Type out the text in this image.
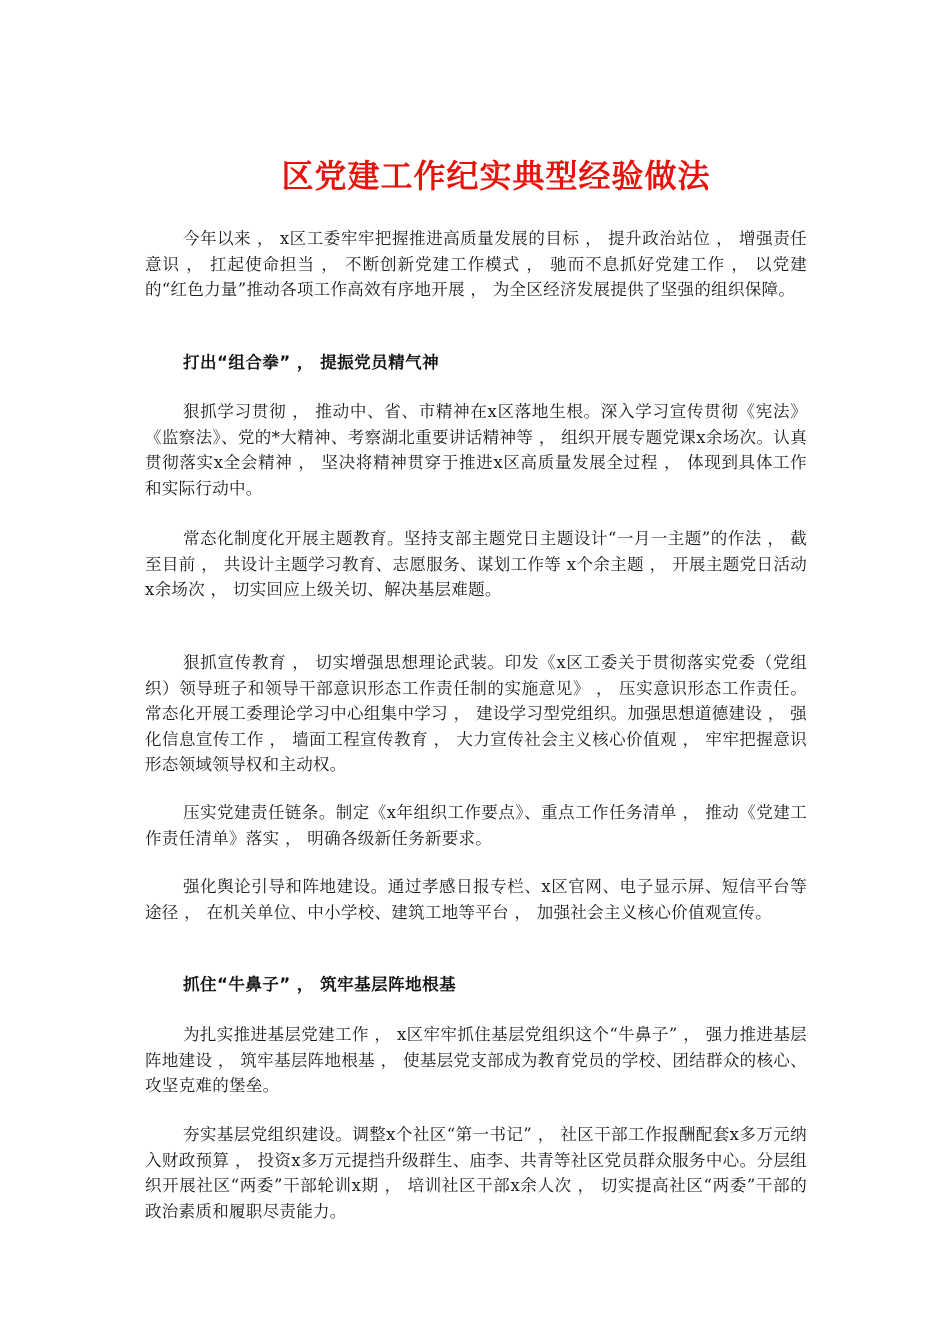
区党建工作纪实典型经验做法

今年以来 ， x区工委牢牢把握推进高质量发展的目标 ， 提升政治站位 ， 增强责任意识 ， 扛起使命担当 ， 不断创新党建工作模式 ， 驰而不息抓好党建工作 ， 以党建的“红色力量”推动各项工作高效有序地开展 ， 为全区经济发展提供了坚强的组织保障。

打出“组合拳” ， 提振党员精气神

狠抓学习贯彻 ， 推动中、省、市精神在x区落地生根。深入学习宣传贯彻《宪法》《监察法》、党的*大精神、考察湖北重要讲话精神等 ， 组织开展专题党课x余场次。认真贯彻落实x全会精神 ， 坚决将精神贯穿于推进x区高质量发展全过程 ， 体现到具体工作和实际行动中。

常态化制度化开展主题教育。坚持支部主题党日主题设计“一月一主题”的作法 ， 截至目前 ， 共设计主题学习教育、志愿服务、谋划工作等 x个余主题 ， 开展主题党日活动x余场次 ， 切实回应上级关切、解决基层难题。

狠抓宣传教育 ， 切实增强思想理论武装。印发《x区工委关于贯彻落实党委（党组织）领导班子和领导干部意识形态工作责任制的实施意见》 ， 压实意识形态工作责任。常态化开展工委理论学习中心组集中学习 ， 建设学习型党组织。加强思想道德建设 ， 强化信息宣传工作 ， 墙面工程宣传教育 ， 大力宣传社会主义核心价值观 ， 牢牢把握意识形态领域领导权和主动权。

压实党建责任链条。制定《x年组织工作要点》、重点工作任务清单 ， 推动《党建工作责任清单》落实 ， 明确各级新任务新要求。

强化舆论引导和阵地建设。通过孝感日报专栏、x区官网、电子显示屏、短信平台等途径 ， 在机关单位、中小学校、建筑工地等平台 ， 加强社会主义核心价值观宣传。

抓住“牛鼻子” ， 筑牢基层阵地根基

为扎实推进基层党建工作 ， x区牢牢抓住基层党组织这个“牛鼻子” ， 强力推进基层阵地建设 ， 筑牢基层阵地根基 ， 使基层党支部成为教育党员的学校、团结群众的核心、攻坚克难的堡垒。

夯实基层党组织建设。调整x个社区“第一书记” ， 社区干部工作报酬配套x多万元纳入财政预算 ， 投资x多万元提挡升级群生、庙李、共青等社区党员群众服务中心。分层组织开展社区“两委”干部轮训x期 ， 培训社区干部x余人次 ， 切实提高社区“两委”干部的政治素质和履职尽责能力。
